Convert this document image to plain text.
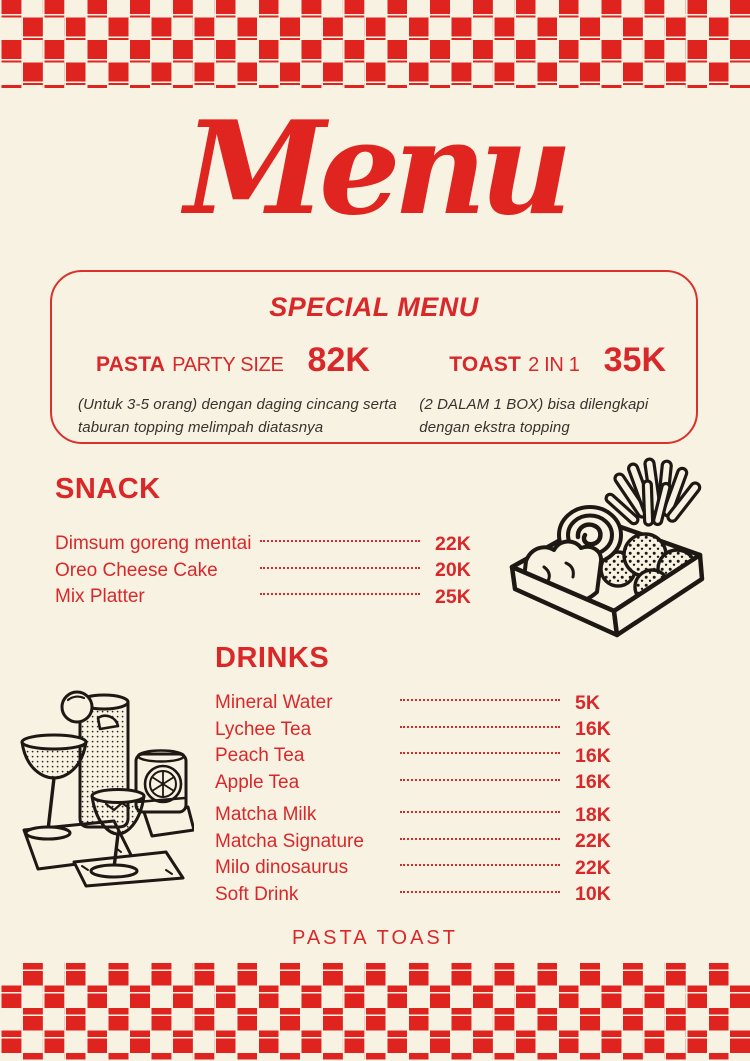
Menu
SPECIAL MENU
PASTA PARTY SIZE 82K
(Untuk 3-5 orang) dengan daging cincang serta taburan topping melimpah diatasnya
TOAST 2 IN 1 35K
(2 DALAM 1 BOX) bisa dilengkapi dengan ekstra topping
SNACK
Dimsum goreng mentai	22K
Oreo Cheese Cake	20K
Mix Platter	25K
DRINKS
Mineral Water	5K
Lychee Tea	16K
Peach Tea	16K
Apple Tea	16K
Matcha Milk	18K
Matcha Signature	22K
Milo dinosaurus	22K
Soft Drink	10K
PASTA TOAST
